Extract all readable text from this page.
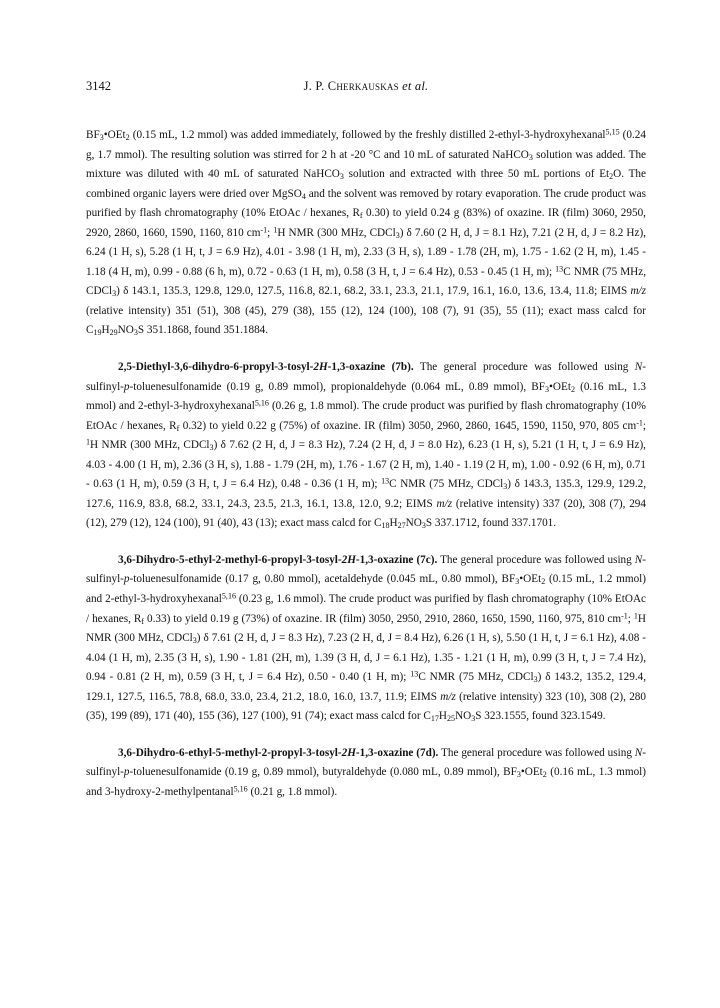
3142	J. P. Cherkauskas et al.

$BF_3•OEt_2$ (0.15 mL, 1.2 mmol) was added immediately, followed by the freshly distilled 2-ethyl-3-hydroxyhexanal$^{5,15}$ (0.24 g, 1.7 mmol). The resulting solution was stirred for 2 h at -20 °C and 10 mL of saturated NaHCO$_3$ solution was added. The mixture was diluted with 40 mL of saturated NaHCO$_3$ solution and extracted with three 50 mL portions of $Et_2O$. The combined organic layers were dried over MgSO$_4$ and the solvent was removed by rotary evaporation. The crude product was purified by flash chromatography (10% EtOAc / hexanes, $R_f$ 0.30) to yield 0.24 g (83%) of oxazine. IR (film) 3060, 2950, 2920, 2860, 1660, 1590, 1160, 810 $cm^{-1}$; $^1$H NMR (300 MHz, CDCl$_3$) δ 7.60 (2 H, d, J = 8.1 Hz), 7.21 (2 H, d, J = 8.2 Hz), 6.24 (1 H, s), 5.28 (1 H, t, J = 6.9 Hz), 4.01 - 3.98 (1 H, m), 2.33 (3 H, s), 1.89 - 1.78 (2H, m), 1.75 - 1.62 (2 H, m), 1.45 - 1.18 (4 H, m), 0.99 - 0.88 (6 h, m), 0.72 - 0.63 (1 H, m), 0.58 (3 H, t, J = 6.4 Hz), 0.53 - 0.45 (1 H, m); $^{13}$C NMR (75 MHz, CDCl$_3$) δ 143.1, 135.3, 129.8, 129.0, 127.5, 116.8, 82.1, 68.2, 33.1, 23.3, 21.1, 17.9, 16.1, 16.0, 13.6, 13.4, 11.8; EIMS m/z (relative intensity) 351 (51), 308 (45), 279 (38), 155 (12), 124 (100), 108 (7), 91 (35), 55 (11); exact mass calcd for $C_{19}H_{29}NO_3S$ 351.1868, found 351.1884.

2,5-Diethyl-3,6-dihydro-6-propyl-3-tosyl-2H-1,3-oxazine (7b). The general procedure was followed using N-sulfinyl-p-toluenesulfonamide (0.19 g, 0.89 mmol), propionaldehyde (0.064 mL, 0.89 mmol), $BF_3•OEt_2$ (0.16 mL, 1.3 mmol) and 2-ethyl-3-hydroxyhexanal$^{5,16}$ (0.26 g, 1.8 mmol). The crude product was purified by flash chromatography (10% EtOAc / hexanes, $R_f$ 0.32) to yield 0.22 g (75%) of oxazine. IR (film) 3050, 2960, 2860, 1645, 1590, 1150, 970, 805 $cm^{-1}$; $^1$H NMR (300 MHz, CDCl$_3$) δ 7.62 (2 H, d, J = 8.3 Hz), 7.24 (2 H, d, J = 8.0 Hz), 6.23 (1 H, s), 5.21 (1 H, t, J = 6.9 Hz), 4.03 - 4.00 (1 H, m), 2.36 (3 H, s), 1.88 - 1.79 (2H, m), 1.76 - 1.67 (2 H, m), 1.40 - 1.19 (2 H, m), 1.00 - 0.92 (6 H, m), 0.71 - 0.63 (1 H, m), 0.59 (3 H, t, J = 6.4 Hz), 0.48 - 0.36 (1 H, m); $^{13}$C NMR (75 MHz, CDCl$_3$) δ 143.3, 135.3, 129.9, 129.2, 127.6, 116.9, 83.8, 68.2, 33.1, 24.3, 23.5, 21.3, 16.1, 13.8, 12.0, 9.2; EIMS m/z (relative intensity) 337 (20), 308 (7), 294 (12), 279 (12), 124 (100), 91 (40), 43 (13); exact mass calcd for $C_{18}H_{27}NO_3S$ 337.1712, found 337.1701.

3,6-Dihydro-5-ethyl-2-methyl-6-propyl-3-tosyl-2H-1,3-oxazine (7c). The general procedure was followed using N-sulfinyl-p-toluenesulfonamide (0.17 g, 0.80 mmol), acetaldehyde (0.045 mL, 0.80 mmol), $BF_3•OEt_2$ (0.15 mL, 1.2 mmol) and 2-ethyl-3-hydroxyhexanal$^{5,16}$ (0.23 g, 1.6 mmol). The crude product was purified by flash chromatography (10% EtOAc / hexanes, $R_f$ 0.33) to yield 0.19 g (73%) of oxazine. IR (film) 3050, 2950, 2910, 2860, 1650, 1590, 1160, 975, 810 $cm^{-1}$; $^1$H NMR (300 MHz, CDCl$_3$) δ 7.61 (2 H, d, J = 8.3 Hz), 7.23 (2 H, d, J = 8.4 Hz), 6.26 (1 H, s), 5.50 (1 H, t, J = 6.1 Hz), 4.08 - 4.04 (1 H, m), 2.35 (3 H, s), 1.90 - 1.81 (2H, m), 1.39 (3 H, d, J = 6.1 Hz), 1.35 - 1.21 (1 H, m), 0.99 (3 H, t, J = 7.4 Hz), 0.94 - 0.81 (2 H, m), 0.59 (3 H, t, J = 6.4 Hz), 0.50 - 0.40 (1 H, m); $^{13}$C NMR (75 MHz, CDCl$_3$) δ 143.2, 135.2, 129.4, 129.1, 127.5, 116.5, 78.8, 68.0, 33.0, 23.4, 21.2, 18.0, 16.0, 13.7, 11.9; EIMS m/z (relative intensity) 323 (10), 308 (2), 280 (35), 199 (89), 171 (40), 155 (36), 127 (100), 91 (74); exact mass calcd for $C_{17}H_{25}NO_3S$ 323.1555, found 323.1549.

3,6-Dihydro-6-ethyl-5-methyl-2-propyl-3-tosyl-2H-1,3-oxazine (7d). The general procedure was followed using N-sulfinyl-p-toluenesulfonamide (0.19 g, 0.89 mmol), butyraldehyde (0.080 mL, 0.89 mmol), $BF_3•OEt_2$ (0.16 mL, 1.3 mmol) and 3-hydroxy-2-methylpentanal$^{5,16}$ (0.21 g, 1.8 mmol).
